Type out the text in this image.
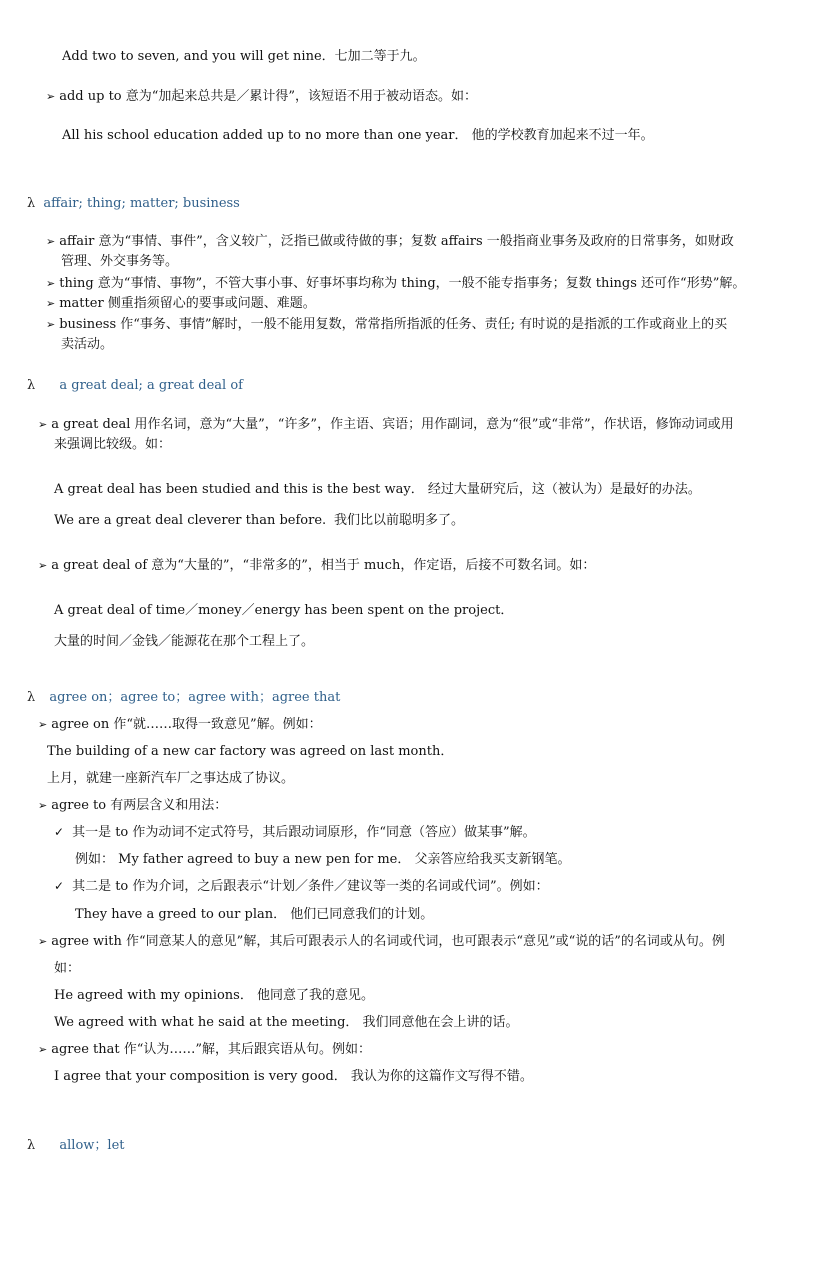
Add two to seven, and you will get nine．七加二等于九。
➢ add up to 意为“加起来总共是／累计得”，该短语不用于被动语态。如：
All his school education added up to no more than one year． 他的学校教育加起来不过一年。
λ affair; thing; matter; business
➢ affair 意为“事情、事件”，含义较广，泛指已做或待做的事；复数 affairs 一般指商业事务及政府的日常事务，如财政
管理、外交事务等。
➢ thing 意为“事情、事物”，不管大事小事、好事坏事均称为 thing，一般不能专指事务；复数 things 还可作“形势”解。
➢ matter 侧重指须留心的要事或问题、难题。
➢ business 作“事务、事情”解时，一般不能用复数，常常指所指派的任务、责任; 有时说的是指派的工作或商业上的买
卖活动。
λ a great deal; a great deal of
➢ a great deal 用作名词，意为“大量”，“许多”，作主语、宾语；用作副词，意为“很”或“非常”，作状语，修饰动词或用
来强调比较级。如：
A great deal has been studied and this is the best way． 经过大量研究后，这（被认为）是最好的办法。
We are a great deal cleverer than before. 我们比以前聪明多了。
➢ a great deal of 意为“大量的”，“非常多的”，相当于 much，作定语，后接不可数名词。如：
A great deal of time／money／energy has been spent on the project．
大量的时间／金钱／能源花在那个工程上了。
λ agree on；agree to；agree with；agree that
➢ agree on 作“就……取得一致意见”解。例如：
The building of a new car factory was agreed on last month．
上月，就建一座新汽车厂之事达成了协议。
➢ agree to 有两层含义和用法：
✓ 其一是 to 作为动词不定式符号，其后跟动词原形，作“同意（答应）做某事”解。
例如： My father agreed to buy a new pen for me． 父亲答应给我买支新钢笔。
✓ 其二是 to 作为介词，之后跟表示“计划／条件／建议等一类的名词或代词”。例如：
They have a greed to our plan． 他们已同意我们的计划。
➢ agree with 作“同意某人的意见”解，其后可跟表示人的名词或代词，也可跟表示“意见”或“说的话”的名词或从句。例
如：
He agreed with my opinions． 他同意了我的意见。
We agreed with what he said at the meeting． 我们同意他在会上讲的话。
➢ agree that 作“认为……”解，其后跟宾语从句。例如：
I agree that your composition is very good． 我认为你的这篇作文写得不错。
λ allow；let
